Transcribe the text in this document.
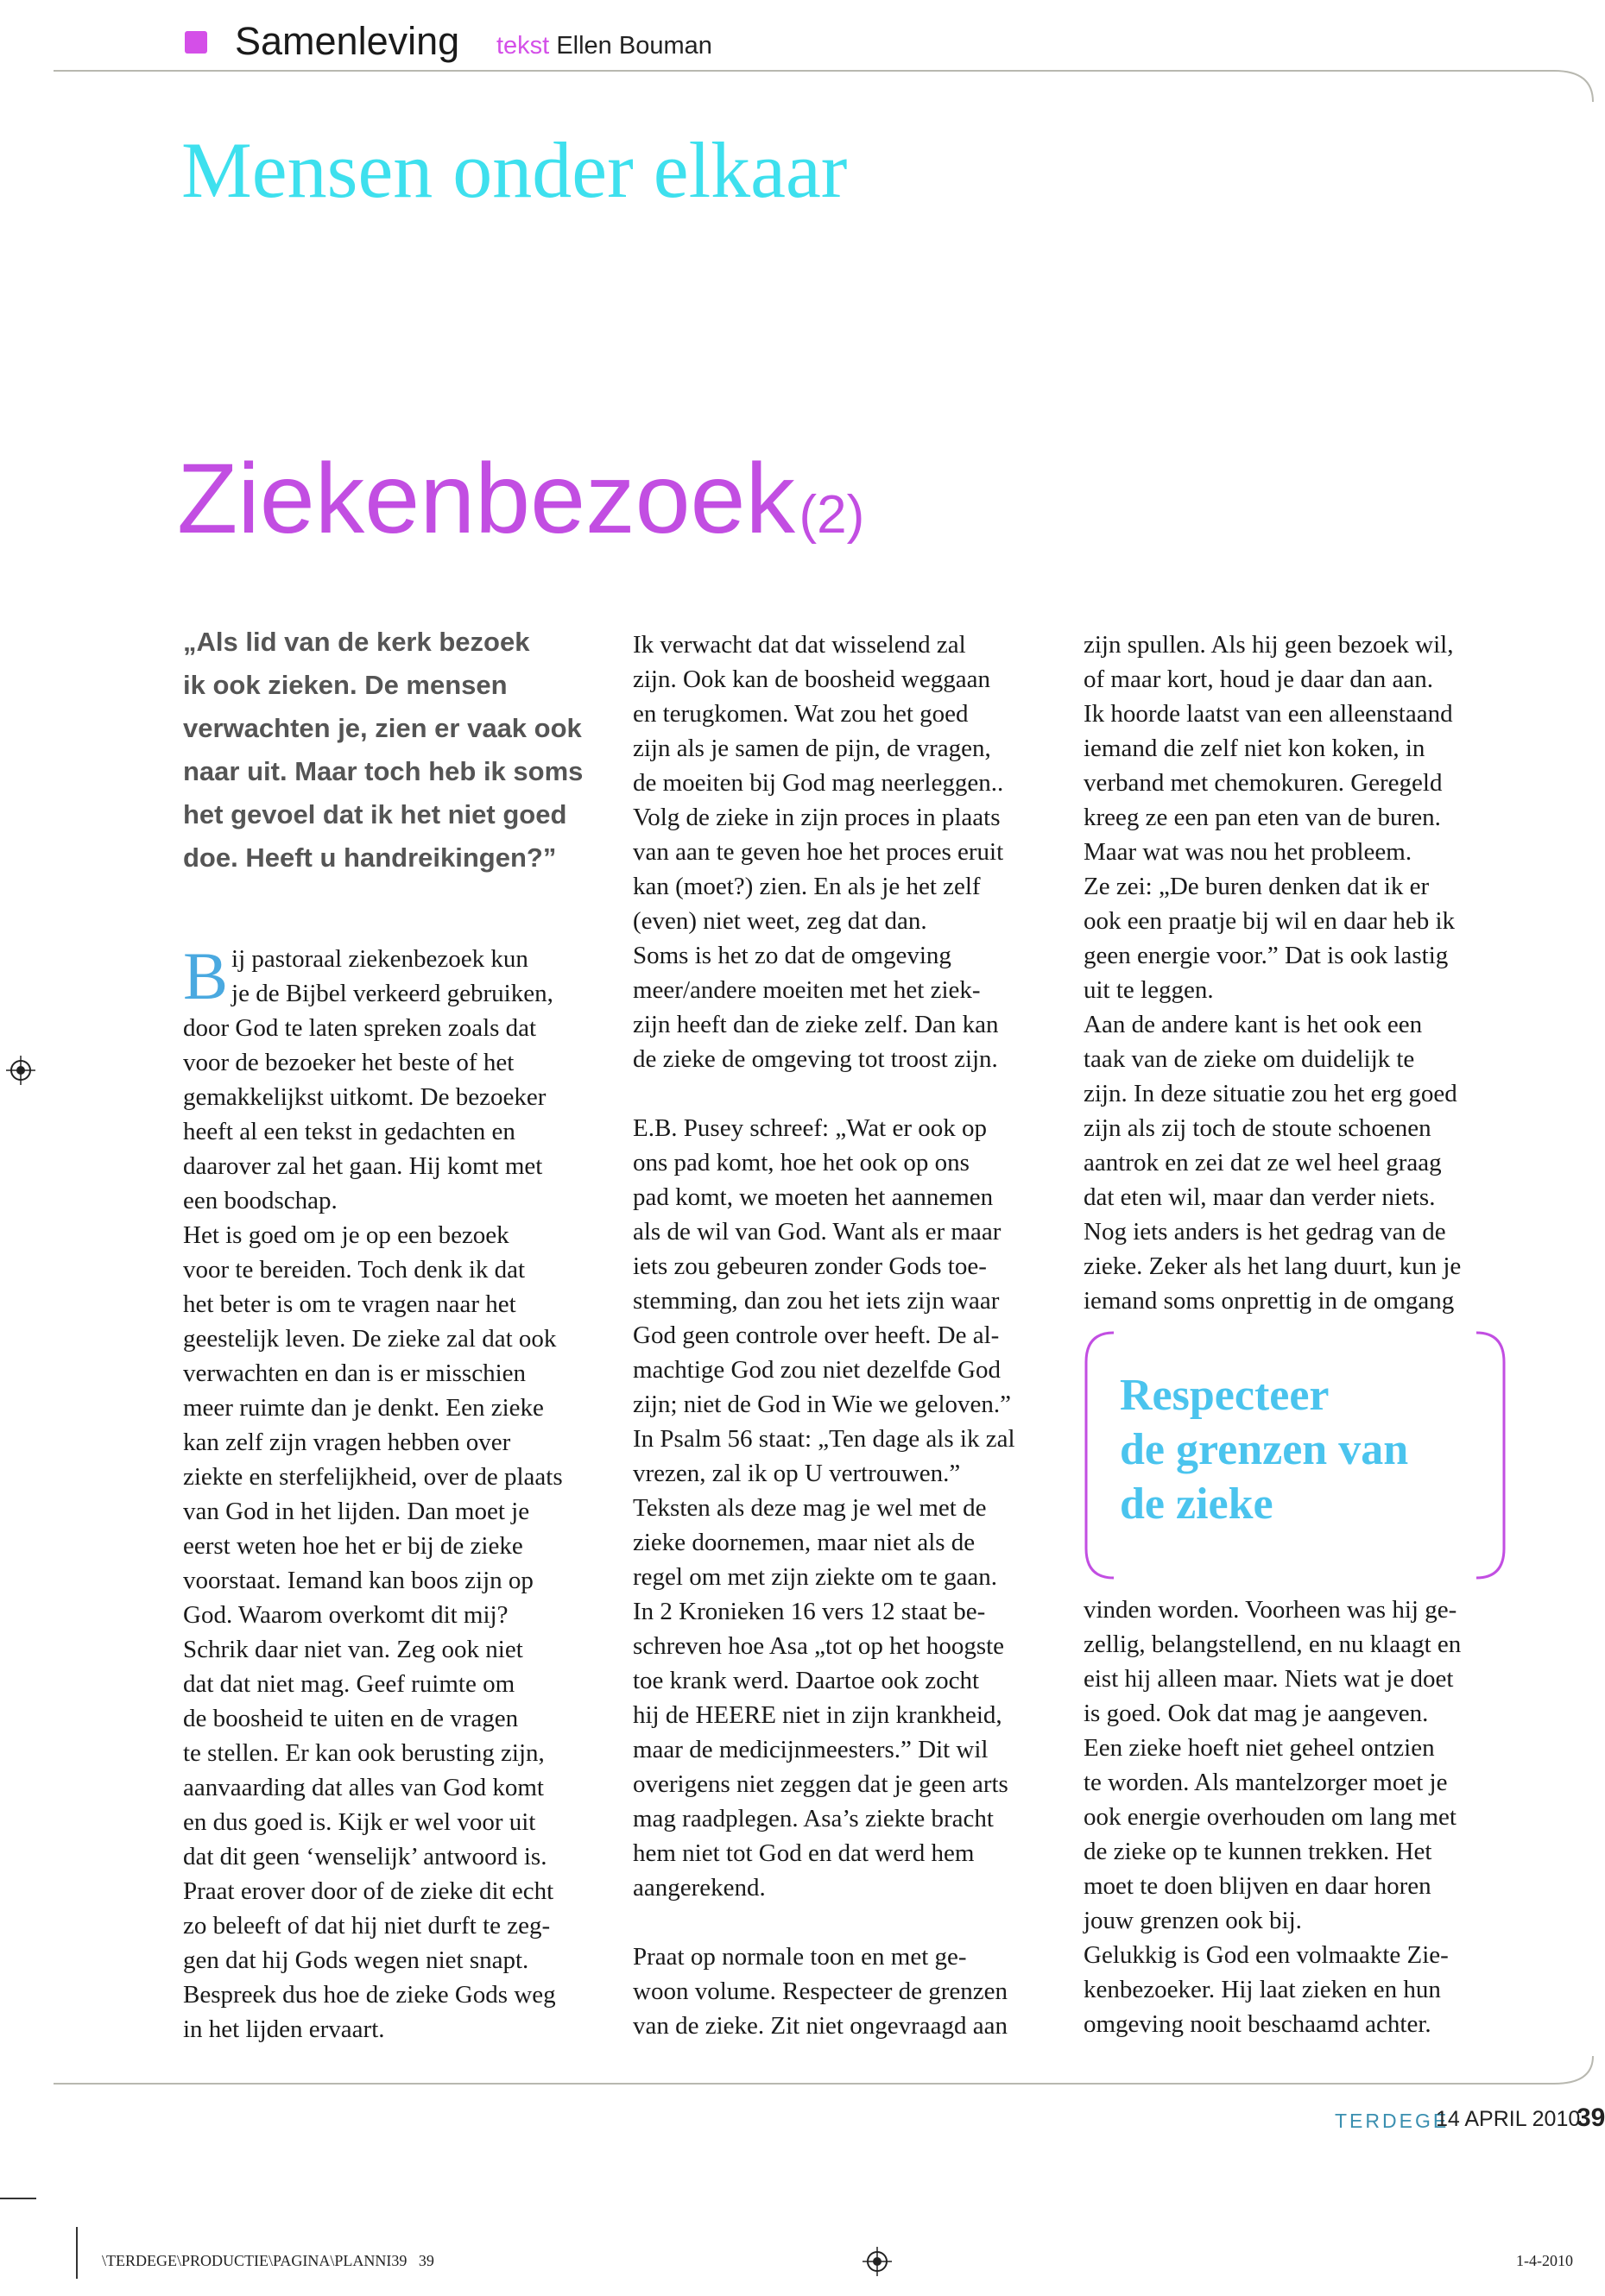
Samenleving tekst Ellen Bouman
Mensen onder elkaar
Ziekenbezoek (2)

„Als lid van de kerk bezoek

ik ook zieken. De mensen

verwachten je, zien er vaak ook

naar uit. Maar toch heb ik soms

het gevoel dat ik het niet goed

doe. Heeft u handreikingen?”

B ij pastoraal ziekenbezoek kun

je de Bijbel verkeerd gebruiken,

door God te laten spreken zoals dat

voor de bezoeker het beste of het

gemakkelijkst uitkomt. De bezoeker

heeft al een tekst in gedachten en

daarover zal het gaan. Hij komt met

een boodschap.

Het is goed om je op een bezoek

voor te bereiden. Toch denk ik dat

het beter is om te vragen naar het

geestelijk leven. De zieke zal dat ook

verwachten en dan is er misschien

meer ruimte dan je denkt. Een zieke

kan zelf zijn vragen hebben over

ziekte en sterfelijkheid, over de plaats

van God in het lijden. Dan moet je

eerst weten hoe het er bij de zieke

voorstaat. Iemand kan boos zijn op

God. Waarom overkomt dit mij?

Schrik daar niet van. Zeg ook niet

dat dat niet mag. Geef ruimte om

de boosheid te uiten en de vragen

te stellen. Er kan ook berusting zijn,

aanvaarding dat alles van God komt

en dus goed is. Kijk er wel voor uit

dat dit geen ‘wenselijk’ antwoord is.

Praat erover door of de zieke dit echt

zo beleeft of dat hij niet durft te zeg-

gen dat hij Gods wegen niet snapt.

Bespreek dus hoe de zieke Gods weg

in het lijden ervaart.

Ik verwacht dat dat wisselend zal

zijn. Ook kan de boosheid weggaan

en terugkomen. Wat zou het goed

zijn als je samen de pijn, de vragen,

de moeiten bij God mag neerleggen..

Volg de zieke in zijn proces in plaats

van aan te geven hoe het proces eruit

kan (moet?) zien. En als je het zelf

(even) niet weet, zeg dat dan.

Soms is het zo dat de omgeving

meer/andere moeiten met het ziek-

zijn heeft dan de zieke zelf. Dan kan

de zieke de omgeving tot troost zijn.

E.B. Pusey schreef: „Wat er ook op

ons pad komt, hoe het ook op ons

pad komt, we moeten het aannemen

als de wil van God. Want als er maar

iets zou gebeuren zonder Gods toe-

stemming, dan zou het iets zijn waar

God geen controle over heeft. De al-

machtige God zou niet dezelfde God

zijn; niet de God in Wie we geloven.”

In Psalm 56 staat: „Ten dage als ik zal

vrezen, zal ik op U vertrouwen.”

Teksten als deze mag je wel met de

zieke doornemen, maar niet als de

regel om met zijn ziekte om te gaan.

In 2 Kronieken 16 vers 12 staat be-

schreven hoe Asa „tot op het hoogste

toe krank werd. Daartoe ook zocht

hij de HEERE niet in zijn krankheid,

maar de medicijnmeesters.” Dit wil

overigens niet zeggen dat je geen arts

mag raadplegen. Asa’s ziekte bracht

hem niet tot God en dat werd hem

aangerekend.

Praat op normale toon en met ge-

woon volume. Respecteer de grenzen

van de zieke. Zit niet ongevraagd aan

zijn spullen. Als hij geen bezoek wil,

of maar kort, houd je daar dan aan.

Ik hoorde laatst van een alleenstaand

iemand die zelf niet kon koken, in

verband met chemokuren. Geregeld

kreeg ze een pan eten van de buren.

Maar wat was nou het probleem.

Ze zei: „De buren denken dat ik er

ook een praatje bij wil en daar heb ik

geen energie voor.” Dat is ook lastig

uit te leggen.

Aan de andere kant is het ook een

taak van de zieke om duidelijk te

zijn. In deze situatie zou het erg goed

zijn als zij toch de stoute schoenen

aantrok en zei dat ze wel heel graag

dat eten wil, maar dan verder niets.

Nog iets anders is het gedrag van de

zieke. Zeker als het lang duurt, kun je

iemand soms onprettig in de omgang

Respecteer
de grenzen van
de zieke

vinden worden. Voorheen was hij ge-

zellig, belangstellend, en nu klaagt en

eist hij alleen maar. Niets wat je doet

is goed. Ook dat mag je aangeven.

Een zieke hoeft niet geheel ontzien

te worden. Als mantelzorger moet je

ook energie overhouden om lang met

de zieke op te kunnen trekken. Het

moet te doen blijven en daar horen

jouw grenzen ook bij.

Gelukkig is God een volmaakte Zie-

kenbezoeker. Hij laat zieken en hun

omgeving nooit beschaamd achter.

TERDEGE
14 APRIL 2010
39
\TERDEGE\PRODUCTIE\PAGINA\PLANNI39   39	1-4-2010
